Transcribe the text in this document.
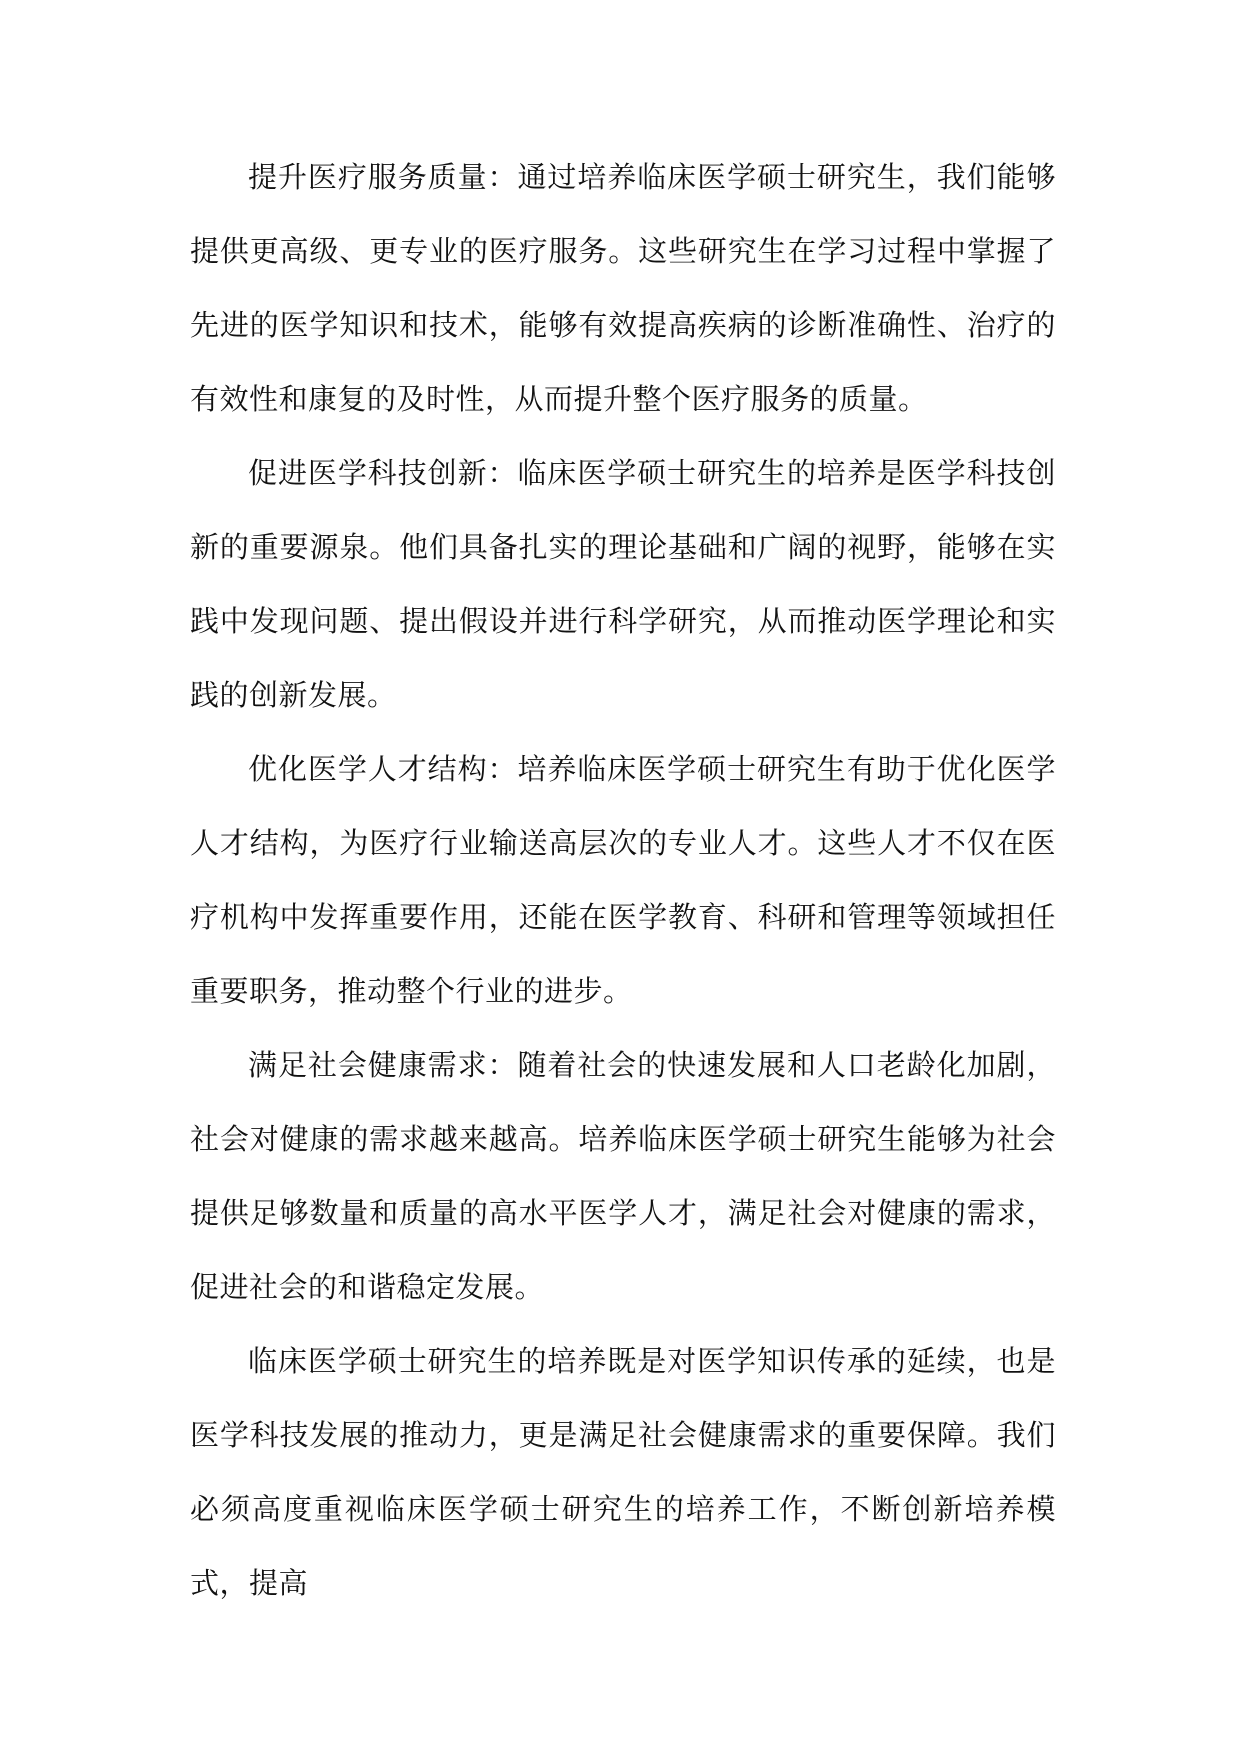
提升医疗服务质量：通过培养临床医学硕士研究生，我们能够提供更高级、更专业的医疗服务。这些研究生在学习过程中掌握了先进的医学知识和技术，能够有效提高疾病的诊断准确性、治疗的有效性和康复的及时性，从而提升整个医疗服务的质量。

促进医学科技创新：临床医学硕士研究生的培养是医学科技创新的重要源泉。他们具备扎实的理论基础和广阔的视野，能够在实践中发现问题、提出假设并进行科学研究，从而推动医学理论和实践的创新发展。

优化医学人才结构：培养临床医学硕士研究生有助于优化医学人才结构，为医疗行业输送高层次的专业人才。这些人才不仅在医疗机构中发挥重要作用，还能在医学教育、科研和管理等领域担任重要职务，推动整个行业的进步。

满足社会健康需求：随着社会的快速发展和人口老龄化加剧，社会对健康的需求越来越高。培养临床医学硕士研究生能够为社会提供足够数量和质量的高水平医学人才，满足社会对健康的需求，促进社会的和谐稳定发展。

临床医学硕士研究生的培养既是对医学知识传承的延续，也是医学科技发展的推动力，更是满足社会健康需求的重要保障。我们必须高度重视临床医学硕士研究生的培养工作，不断创新培养模式，提高
